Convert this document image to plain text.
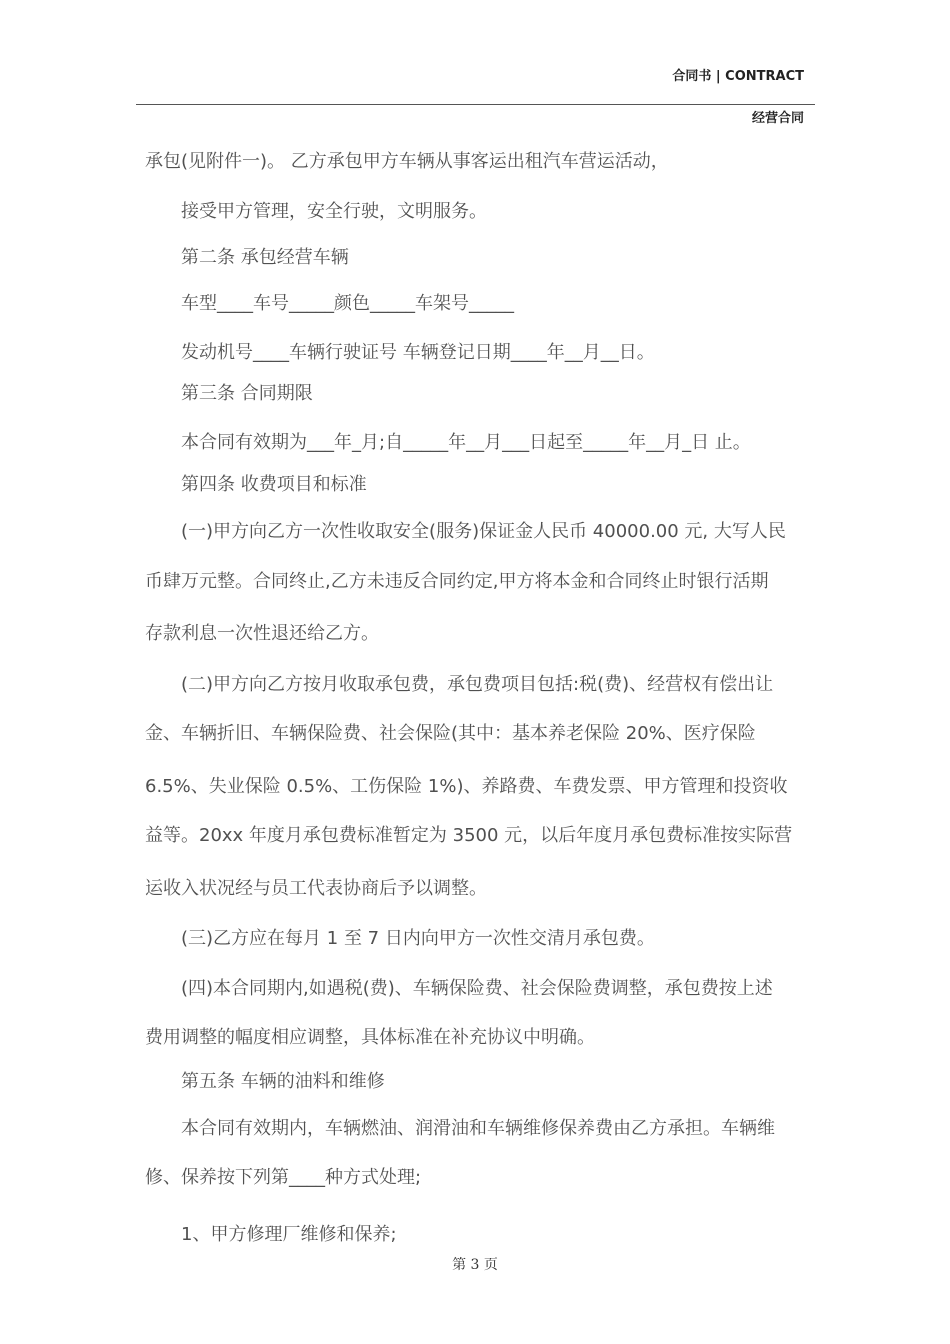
合同书 | CONTRACT
经营合同
承包(见附件一)。 乙方承包甲方车辆从事客运出租汽车营运活动，
接受甲方管理，安全行驶，文明服务。
第二条 承包经营车辆
车型____车号_____颜色_____车架号_____
发动机号____车辆行驶证号 车辆登记日期____年__月__日。
第三条 合同期限
本合同有效期为___年_月;自_____年__月___日起至_____年__月_日 止。
第四条 收费项目和标准
(一)甲方向乙方一次性收取安全(服务)保证金人民币 40000.00 元, 大写人民
币肆万元整。合同终止,乙方未违反合同约定,甲方将本金和合同终止时银行活期
存款利息一次性退还给乙方。
(二)甲方向乙方按月收取承包费，承包费项目包括:税(费)、经营权有偿出让
金、车辆折旧、车辆保险费、社会保险(其中：基本养老保险 20%、医疗保险
6.5%、失业保险 0.5%、工伤保险 1%)、养路费、车费发票、甲方管理和投资收
益等。20xx 年度月承包费标准暂定为 3500 元，以后年度月承包费标准按实际营
运收入状况经与员工代表协商后予以调整。
(三)乙方应在每月 1 至 7 日内向甲方一次性交清月承包费。
(四)本合同期内,如遇税(费)、车辆保险费、社会保险费调整，承包费按上述
费用调整的幅度相应调整，具体标准在补充协议中明确。
第五条 车辆的油料和维修
本合同有效期内，车辆燃油、润滑油和车辆维修保养费由乙方承担。车辆维
修、保养按下列第____种方式处理;
1、甲方修理厂维修和保养;
第 3 页
